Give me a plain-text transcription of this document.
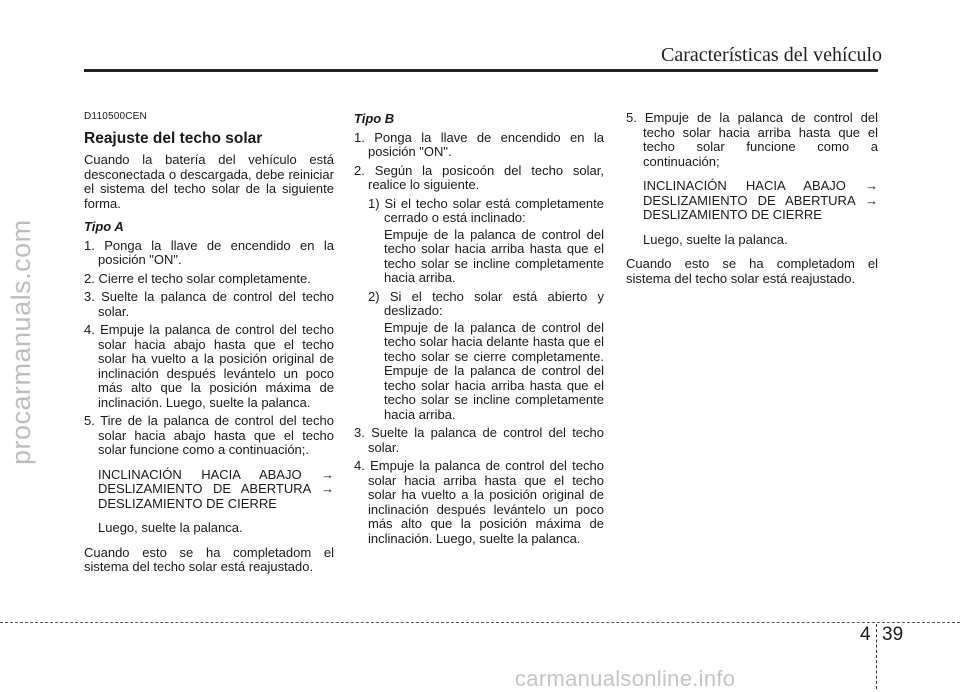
Características del vehículo
procarmanuals.com
D110500CEN
Reajuste del techo solar

Cuando la batería del vehículo está desconectada o descargada, debe reiniciar el sistema del techo solar de la siguiente forma.

Tipo A
1. Ponga la llave de encendido en la posición "ON".
2. Cierre el techo solar completamente.
3. Suelte la palanca de control del techo solar.
4. Empuje la palanca de control del techo solar hacia abajo hasta que el techo solar ha vuelto a la posición original de inclinación después levántelo un poco más alto que la posición máxima de inclinación. Luego, suelte la palanca.
5. Tire de la palanca de control del techo solar hacia abajo hasta que el techo solar funcione como a continuación;.
INCLINACIÓN HACIA ABAJO →
DESLIZAMIENTO DE ABERTURA →
DESLIZAMIENTO DE CIERRE
Luego, suelte la palanca.

Cuando esto se ha completadom el sistema del techo solar está reajustado.

Tipo B
1. Ponga la llave de encendido en la posición "ON".
2. Según la posicoón del techo solar, realice lo siguiente.
1) Si el techo solar está completamente cerrado o está inclinado:
Empuje de la palanca de control del techo solar hacia arriba hasta que el techo solar se incline completamente hacia arriba.
2) Si el techo solar está abierto y deslizado:
Empuje de la palanca de control del techo solar hacia delante hasta que el techo solar se cierre completamente. Empuje de la palanca de control del techo solar hacia arriba hasta que el techo solar se incline completamente hacia arriba.
3. Suelte la palanca de control del techo solar.
4. Empuje la palanca de control del techo solar hacia arriba hasta que el techo solar ha vuelto a la posición original de inclinación después levántelo un poco más alto que la posición máxima de inclinación. Luego, suelte la palanca.
5. Empuje de la palanca de control del techo solar hacia arriba hasta que el techo solar funcione como a continuación;
INCLINACIÓN HACIA ABAJO → DESLIZAMIENTO DE ABERTURA → DESLIZAMIENTO DE CIERRE
Luego, suelte la palanca.

Cuando esto se ha completadom el sistema del techo solar está reajustado.

4 39
carmanualsonline.info
